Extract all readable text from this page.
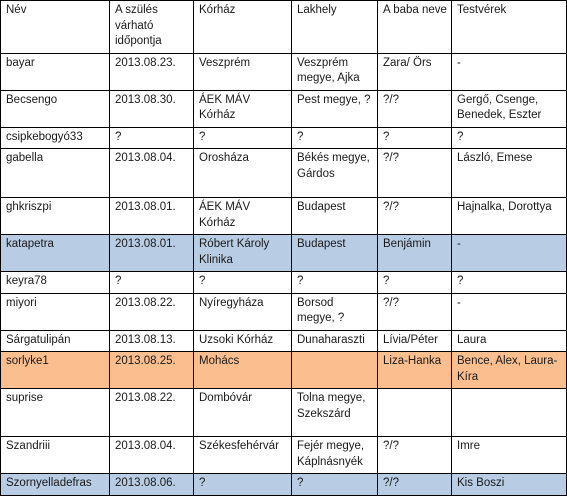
Név	A szülés várható időpontja	Kórház	Lakhely	A baba neve	Testvérek
bayar	2013.08.23.	Veszprém	Veszprém megye, Ajka	Zara/ Örs	-
Becsengo	2013.08.30.	ÁEK MÁV Kórház	Pest megye, ?	?/?	Gergő, Csenge, Benedek, Eszter
csipkebogyó33	?	?	?	?	?
gabella	2013.08.04.	Orosháza	Békés megye, Gárdos	?/?	László, Emese
ghkriszpi	2013.08.01.	ÁEK MÁV Kórház	Budapest	?/?	Hajnalka, Dorottya
katapetra	2013.08.01.	Róbert Károly Klinika	Budapest	Benjámin	-
keyra78	?	?	?	?	?
miyori	2013.08.22.	Nyíregyháza	Borsod megye, ?	?/?	-
Sárgatulipán	2013.08.13.	Uzsoki Kórház	Dunaharaszti	Lívia/Péter	Laura
sorlyke1	2013.08.25.	Mohács		Liza-Hanka	Bence, Alex, Laura-Kíra
suprise	2013.08.22.	Dombóvár	Tolna megye, Szekszárd		
Szandriii	2013.08.04.	Székesfehérvár	Fejér megye, Káplnásnyék	?/?	Imre
Szornyelladefras	2013.08.06.	?	?	?/?	Kis Boszi
